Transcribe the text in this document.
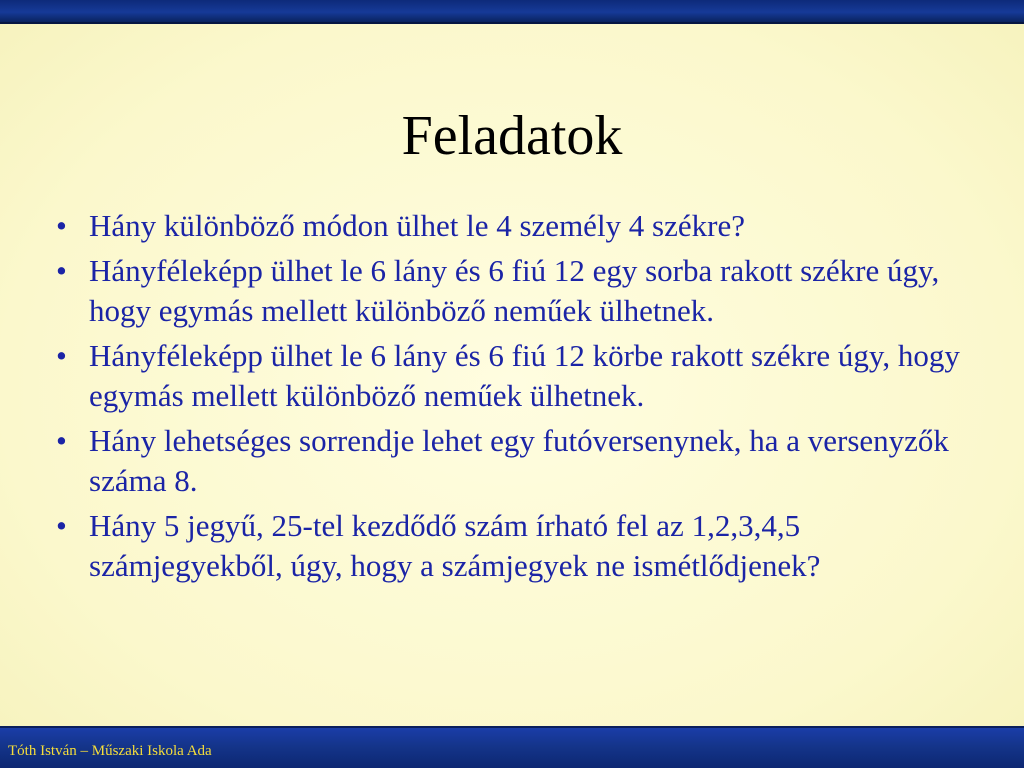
Feladatok
• Hány különböző módon ülhet le 4 személy 4 székre?
• Hányféleképp ülhet le 6 lány és 6 fiú 12 egy sorba rakott székre úgy, hogy egymás mellett különböző neműek ülhetnek.
• Hányféleképp ülhet le 6 lány és 6 fiú 12 körbe rakott székre úgy, hogy egymás mellett különböző neműek ülhetnek.
• Hány lehetséges sorrendje lehet egy futóversenynek, ha a versenyzők száma 8.
• Hány 5 jegyű, 25-tel kezdődő szám írható fel az 1,2,3,4,5 számjegyekből, úgy, hogy a számjegyek ne ismétlődjenek?
Tóth István – Műszaki Iskola Ada
